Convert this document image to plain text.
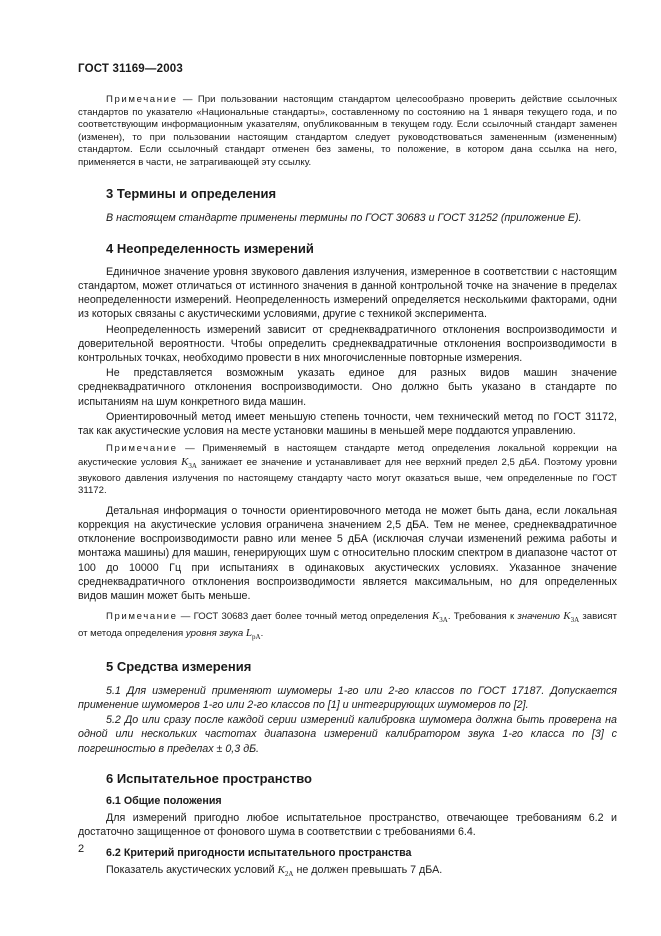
ГОСТ 31169—2003

Примечание — При пользовании настоящим стандартом целесообразно проверить действие ссылочных стандартов по указателю «Национальные стандарты», составленному по состоянию на 1 января текущего года, и по соответствующим информационным указателям, опубликованным в текущем году. Если ссылочный стандарт заменен (изменен), то при пользовании настоящим стандартом следует руководствоваться замененным (измененным) стандартом. Если ссылочный стандарт отменен без замены, то положение, в котором дана ссылка на него, применяется в части, не затрагивающей эту ссылку.

3 Термины и определения

В настоящем стандарте применены термины по ГОСТ 30683 и ГОСТ 31252 (приложение Е).

4 Неопределенность измерений

Единичное значение уровня звукового давления излучения, измеренное в соответствии с настоящим стандартом, может отличаться от истинного значения в данной контрольной точке на значение в пределах неопределенности измерений. Неопределенность измерений определяется несколькими факторами, одни из которых связаны с акустическими условиями, другие с техникой эксперимента.

Неопределенность измерений зависит от среднеквадратичного отклонения воспроизводимости и доверительной вероятности. Чтобы определить среднеквадратичные отклонения воспроизводимости в контрольных точках, необходимо провести в них многочисленные повторные измерения.

Не представляется возможным указать единое для разных видов машин значение среднеквадратичного отклонения воспроизводимости. Оно должно быть указано в стандарте по испытаниям на шум конкретного вида машин.

Ориентировочный метод имеет меньшую степень точности, чем технический метод по ГОСТ 31172, так как акустические условия на месте установки машины в меньшей мере поддаются управлению.

Примечание — Применяемый в настоящем стандарте метод определения локальной коррекции на акустические условия $K_{3A}$ занижает ее значение и устанавливает для нее верхний предел 2,5 дБА. Поэтому уровни звукового давления излучения по настоящему стандарту часто могут оказаться выше, чем определенные по ГОСТ 31172.

Детальная информация о точности ориентировочного метода не может быть дана, если локальная коррекция на акустические условия ограничена значением 2,5 дБА. Тем не менее, среднеквадратичное отклонение воспроизводимости равно или менее 5 дБА (исключая случаи изменений режима работы и монтажа машины) для машин, генерирующих шум с относительно плоским спектром в диапазоне частот от 100 до 10000 Гц при испытаниях в одинаковых акустических условиях. Указанное значение среднеквадратичного отклонения воспроизводимости является максимальным, но для определенных видов машин может быть меньше.

Примечание — ГОСТ 30683 дает более точный метод определения $K_{3A}$. Требования к значению $K_{3A}$ зависят от метода определения уровня звука $L_{pA}$.

5 Средства измерения

5.1 Для измерений применяют шумомеры 1-го или 2-го классов по ГОСТ 17187. Допускается применение шумомеров 1-го или 2-го классов по [1] и интегрирующих шумомеров по [2].

5.2 До или сразу после каждой серии измерений калибровка шумомера должна быть проверена на одной или нескольких частотах диапазона измерений калибратором звука 1-го класса по [3] с погрешностью в пределах ± 0,3 дБ.

6 Испытательное пространство
6.1 Общие положения

Для измерений пригодно любое испытательное пространство, отвечающее требованиям 6.2 и достаточно защищенное от фонового шума в соответствии с требованиями 6.4.

6.2 Критерий пригодности испытательного пространства

Показатель акустических условий $K_{2A}$ не должен превышать 7 дБА.

2
